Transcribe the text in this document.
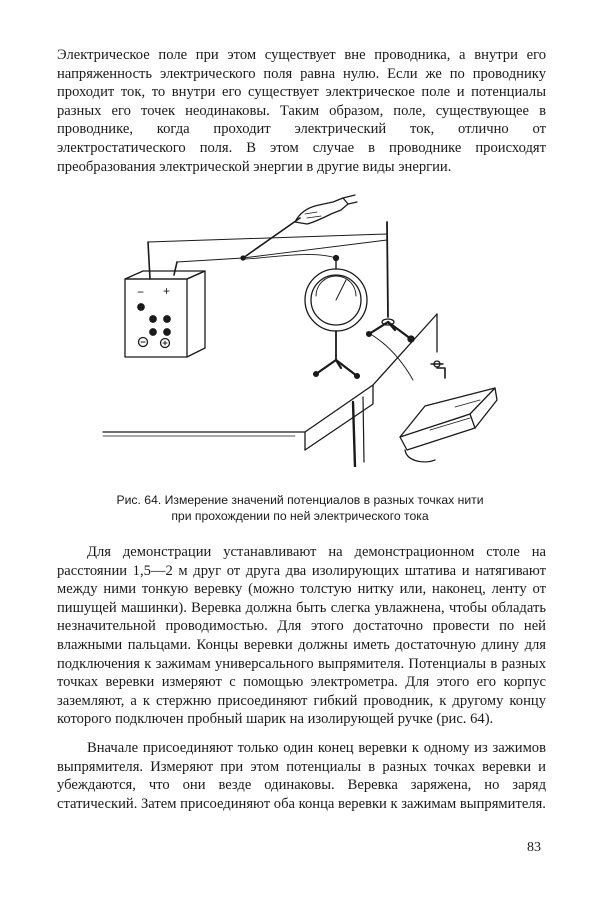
Электрическое поле при этом существует вне проводника, а внутри его напряженность электрического поля равна нулю. Если же по проводнику проходит ток, то внутри его существует электрическое поле и потенциалы разных его точек неодинаковы. Таким образом, поле, существующее в проводнике, когда проходит электрический ток, отлично от электростатического поля. В этом случае в проводнике происходят преобразования электрической энергии в другие виды энергии.

− +
Рис. 64. Измерение значений потенциалов в разных точках нити
при прохождении по ней электрического тока

Для демонстрации устанавливают на демонстрационном столе на расстоянии 1,5—2 м друг от друга два изолирующих штатива и натягивают между ними тонкую веревку (можно толстую нитку или, наконец, ленту от пишущей машинки). Веревка должна быть слегка увлажнена, чтобы обладать незначительной проводимостью. Для этого достаточно провести по ней влажными пальцами. Концы веревки должны иметь достаточную длину для подключения к зажимам универсального выпрямителя. Потенциалы в разных точках веревки измеряют с помощью электрометра. Для этого его корпус заземляют, а к стержню присоединяют гибкий проводник, к другому концу которого подключен пробный шарик на изолирующей ручке (рис. 64).

Вначале присоединяют только один конец веревки к одному из зажимов выпрямителя. Измеряют при этом потенциалы в разных точках веревки и убеждаются, что они везде одинаковы. Веревка заряжена, но заряд статический. Затем присоединяют оба конца веревки к зажимам выпрямителя.

83
